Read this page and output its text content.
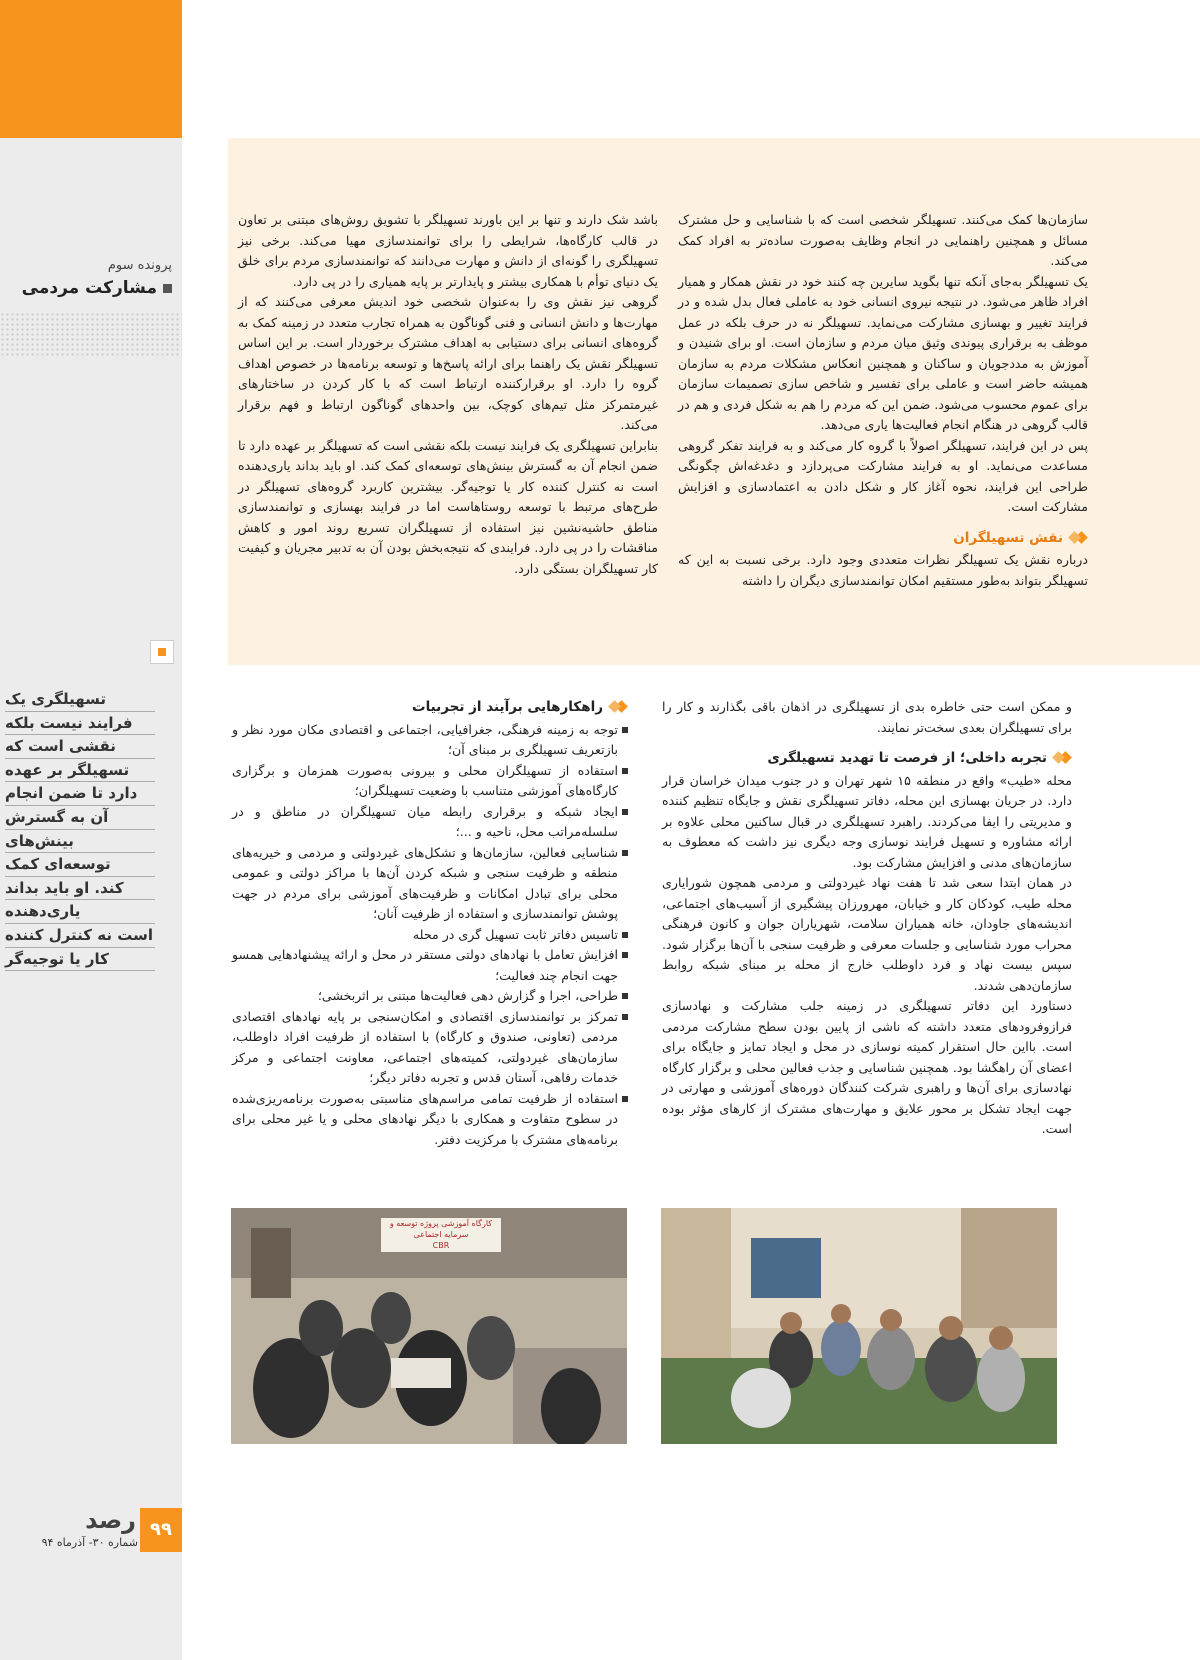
پرونده سوم
مشارکت مردمی

سازمان‌ها کمک می‌کنند. تسهیلگر شخصی است که با شناسایی و حل مشترک مسائل و همچنین راهنمایی در انجام وظایف به‌صورت ساده‌تر به افراد کمک می‌کند.

یک تسهیلگر به‌جای آنکه تنها بگوید سایرین چه کنند خود در نقش همکار و همیار افراد ظاهر می‌شود. در نتیجه نیروی انسانی خود به عاملی فعال بدل شده و در فرایند تغییر و بهسازی مشارکت می‌نماید. تسهیلگر نه در حرف بلکه در عمل موظف به برقراری پیوندی وثیق میان مردم و سازمان است. او برای شنیدن و آموزش به مددجویان و ساکنان و همچنین انعکاس مشکلات مردم به سازمان همیشه حاضر است و عاملی برای تفسیر و شاخص سازی تصمیمات سازمان برای عموم محسوب می‌شود. ضمن این که مردم را هم به شکل فردی و هم در قالب گروهی در هنگام انجام فعالیت‌ها یاری می‌دهد.

پس در این فرایند، تسهیلگر اصولاً با گروه کار می‌کند و به فرایند تفکر گروهی مساعدت می‌نماید. او به فرایند مشارکت می‌پردازد و دغدغه‌اش چگونگی طراحی این فرایند، نحوه آغاز کار و شکل دادن به اعتمادسازی و افزایش مشارکت است.

نقش تسهیلگران

درباره نقش یک تسهیلگر نظرات متعددی وجود دارد. برخی نسبت به این که تسهیلگر بتواند به‌طور مستقیم امکان توانمندسازی دیگران را داشته

باشد شک دارند و تنها بر این باورند تسهیلگر با تشویق روش‌های مبتنی بر تعاون در قالب کارگاه‌ها، شرایطی را برای توانمندسازی مهیا می‌کند. برخی نیز تسهیلگری را گونه‌ای از دانش و مهارت می‌دانند که توانمندسازی مردم برای خلق یک دنیای توأم با همکاری بیشتر و پایدارتر بر پایه همیاری را در پی دارد.

گروهی نیز نقش وی را به‌عنوان شخصی خود اندیش معرفی می‌کنند که از مهارت‌ها و دانش انسانی و فنی گوناگون به همراه تجارب متعدد در زمینه کمک به گروه‌های انسانی برای دستیابی به اهداف مشترک برخوردار است. بر این اساس تسهیلگر نقش یک راهنما برای ارائه پاسخ‌ها و توسعه برنامه‌ها در خصوص اهداف گروه را دارد. او برقرارکننده ارتباط است که با کار کردن در ساختارهای غیرمتمرکز مثل تیم‌های کوچک، بین واحدهای گوناگون ارتباط و فهم برقرار می‌کند.

بنابراین تسهیلگری یک فرایند نیست بلکه نقشی است که تسهیلگر بر عهده دارد تا ضمن انجام آن به گسترش بینش‌های توسعه‌ای کمک کند. او باید بداند یاری‌دهنده است نه کنترل کننده کار یا توجیه‌گر. بیشترین کاربرد گروه‌های تسهیلگر در طرح‌های مرتبط با توسعه روستاهاست اما در فرایند بهسازی و توانمندسازی مناطق حاشیه‌نشین نیز استفاده از تسهیلگران تسریع روند امور و کاهش مناقشات را در پی دارد. فرایندی که نتیجه‌بخش بودن آن به تدبیر مجریان و کیفیت کار تسهیلگران بستگی دارد.

تسهیلگری یک
فرایند نیست بلکه
نقشی است که
تسهیلگر بر عهده
دارد تا ضمن انجام
آن به گسترش
بینش‌های
توسعه‌ای کمک
کند. او باید بداند
یاری‌دهنده
است نه کنترل کننده
کار یا توجیه‌گر

و ممکن است حتی خاطره بدی از تسهیلگری در اذهان باقی بگذارند و کار را برای تسهیلگران بعدی سخت‌تر نمایند.

تجربه داخلی؛ از فرصت تا تهدید تسهیلگری

محله «طیب» واقع در منطقه ۱۵ شهر تهران و در جنوب میدان خراسان قرار دارد. در جریان بهسازی این محله، دفاتر تسهیلگری نقش و جایگاه تنظیم کننده و مدیریتی را ایفا می‌کردند. راهبرد تسهیلگری در قبال ساکنین محلی علاوه بر ارائه مشاوره و تسهیل فرایند نوسازی وجه دیگری نیز داشت که معطوف به سازمان‌های مدنی و افزایش مشارکت بود.

در همان ابتدا سعی شد تا هفت نهاد غیردولتی و مردمی همچون شورایاری محله طیب، کودکان کار و خیابان، مهرورزان پیشگیری از آسیب‌های اجتماعی، اندیشه‌های جاودان، خانه همیاران سلامت، شهریاران جوان و کانون فرهنگی محراب مورد شناسایی و جلسات معرفی و ظرفیت سنجی با آن‌ها برگزار شود. سپس بیست نهاد و فرد داوطلب خارج از محله بر مبنای شبکه روابط سازمان‌دهی شدند.

دستاورد این دفاتر تسهیلگری در زمینه جلب مشارکت و نهادسازی فرازوفرودهای متعدد داشته که ناشی از پایین بودن سطح مشارکت مردمی است. بااین حال استقرار کمیته نوسازی در محل و ایجاد تمایز و جایگاه برای اعضای آن راهگشا بود. همچنین شناسایی و جذب فعالین محلی و برگزار کارگاه نهادسازی برای آن‌ها و راهبری شرکت کنندگان دوره‌های آموزشی و مهارتی در جهت ایجاد تشکل بر محور علایق و مهارت‌های مشترک از کارهای مؤثر بوده است.

راهکارهایی برآیند از تجربیات
توجه به زمینه فرهنگی، جغرافیایی، اجتماعی و اقتصادی مکان مورد نظر و بازتعریف تسهیلگری بر مبنای آن؛
استفاده از تسهیلگران محلی و بیرونی به‌صورت همزمان و برگزاری کارگاه‌های آموزشی متناسب با وضعیت تسهیلگران؛
ایجاد شبکه و برقراری رابطه میان تسهیلگران در مناطق و در سلسله‌مراتب محل، ناحیه و ...؛
شناسایی فعالین، سازمان‌ها و تشکل‌های غیردولتی و مردمی و خیریه‌های منطقه و ظرفیت سنجی و شبکه کردن آن‌ها با مراکز دولتی و عمومی محلی برای تبادل امکانات و ظرفیت‌های آموزشی برای مردم در جهت پوشش توانمندسازی و استفاده از ظرفیت آنان؛
تاسیس دفاتر ثابت تسهیل گری در محله
افزایش تعامل با نهادهای دولتی مستقر در محل و ارائه پیشنهادهایی همسو جهت انجام چند فعالیت؛
طراحی، اجرا و گزارش دهی فعالیت‌ها مبتنی بر اثربخشی؛
تمرکز بر توانمندسازی اقتصادی و امکان‌سنجی بر پایه نهادهای اقتصادی مردمی (تعاونی، صندوق و کارگاه) با استفاده از ظرفیت افراد داوطلب، سازمان‌های غیردولتی، کمیته‌های اجتماعی، معاونت اجتماعی و مرکز خدمات رفاهی، آستان قدس و تجربه دفاتر دیگر؛
استفاده از ظرفیت تمامی مراسم‌های مناسبتی به‌صورت برنامه‌ریزی‌شده در سطوح متفاوت و همکاری با دیگر نهادهای محلی و یا غیر محلی برای برنامه‌های مشترک با مرکزیت دفتر.
کارگاه آموزشی پروژه توسعه و سرمایه اجتماعی
CBR
۹۹
رصد
شماره ۳۰- آذرماه ۹۴
